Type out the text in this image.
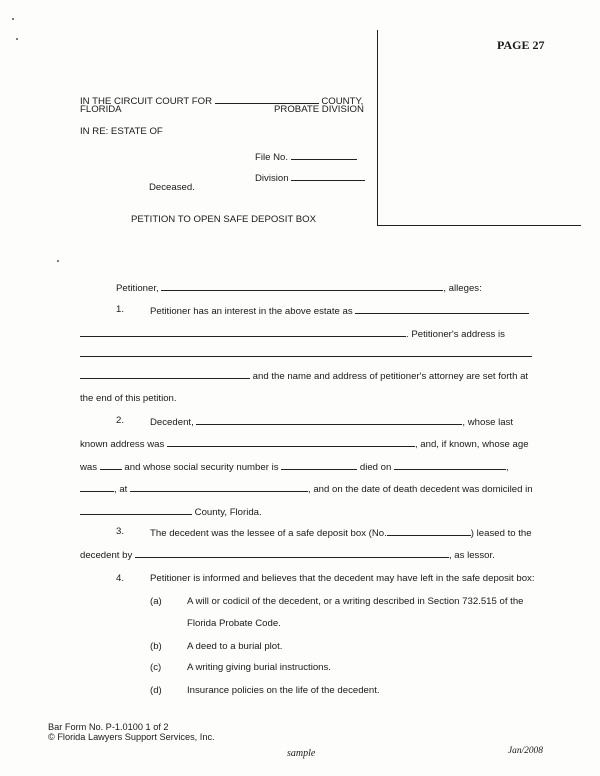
PAGE 27
IN THE CIRCUIT COURT FOR	COUNTY,
FLORIDA	PROBATE DIVISION
IN RE: ESTATE OF
File No.
Division
Deceased.
PETITION TO OPEN SAFE DEPOSIT BOX
Petitioner,	, alleges:
1.	Petitioner has an interest in the above estate as
. Petitioner's address is
and the name and address of petitioner's attorney are set forth at
the end of this petition.
2.	Decedent,	, whose last
known address was	, and, if known, whose age
was	and whose social security number is	died on	,
, at	, and on the date of death decedent was domiciled in
County, Florida.
3.	The decedent was the lessee of a safe deposit box (No.	) leased to the
decedent by	, as lessor.
4.	Petitioner is informed and believes that the decedent may have left in the safe deposit box:
(a)	A will or codicil of the decedent, or a writing described in Section 732.515 of the
Florida Probate Code.
(b)	A deed to a burial plot.
(c)	A writing giving burial instructions.
(d)	Insurance policies on the life of the decedent.
Bar Form No. P-1.0100 1 of 2
© Florida Lawyers Support Services, Inc.
sample	Jan/2008
